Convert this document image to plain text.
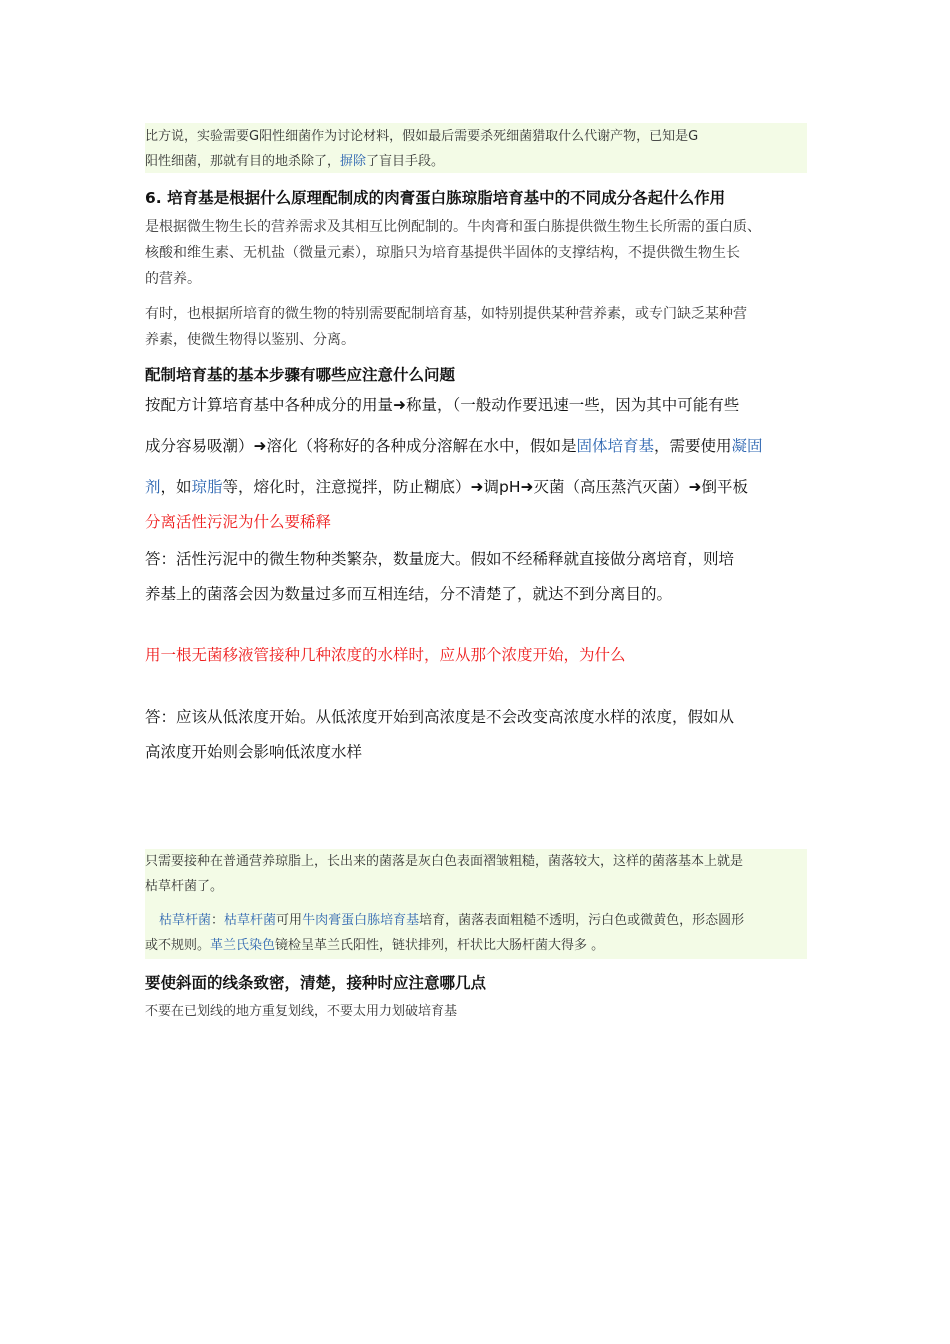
比方说，实验需要G阳性细菌作为讨论材料，假如最后需要杀死细菌猎取什么代谢产物，已知是G
阳性细菌，那就有目的地杀除了，摒除了盲目手段。
6. 培育基是根据什么原理配制成的肉膏蛋白胨琼脂培育基中的不同成分各起什么作用
是根据微生物生长的营养需求及其相互比例配制的。牛肉膏和蛋白胨提供微生物生长所需的蛋白质、
核酸和维生素、无机盐（微量元素），琼脂只为培育基提供半固体的支撑结构，不提供微生物生长
的营养。
有时，也根据所培育的微生物的特别需要配制培育基，如特别提供某种营养素，或专门缺乏某种营
养素，使微生物得以鉴别、分离。
配制培育基的基本步骤有哪些应注意什么问题
按配方计算培育基中各种成分的用量➜称量，（一般动作要迅速一些，因为其中可能有些
成分容易吸潮）➜溶化（将称好的各种成分溶解在水中，假如是固体培育基，需要使用凝固
剂，如琼脂等，熔化时，注意搅拌，防止糊底）➜调pH➜灭菌（高压蒸汽灭菌）➜倒平板
分离活性污泥为什么要稀释
答：活性污泥中的微生物种类繁杂，数量庞大。假如不经稀释就直接做分离培育，则培
养基上的菌落会因为数量过多而互相连结，分不清楚了，就达不到分离目的。
用一根无菌移液管接种几种浓度的水样时，应从那个浓度开始，为什么
答：应该从低浓度开始。从低浓度开始到高浓度是不会改变高浓度水样的浓度，假如从
高浓度开始则会影响低浓度水样
只需要接种在普通营养琼脂上，长出来的菌落是灰白色表面褶皱粗糙，菌落较大，这样的菌落基本上就是
枯草杆菌了。
枯草杆菌：枯草杆菌可用牛肉膏蛋白胨培育基培育，菌落表面粗糙不透明，污白色或微黄色，形态圆形
或不规则。革兰氏染色镜检呈革兰氏阳性，链状排列，杆状比大肠杆菌大得多 。
要使斜面的线条致密，清楚，接种时应注意哪几点
不要在已划线的地方重复划线，不要太用力划破培育基
